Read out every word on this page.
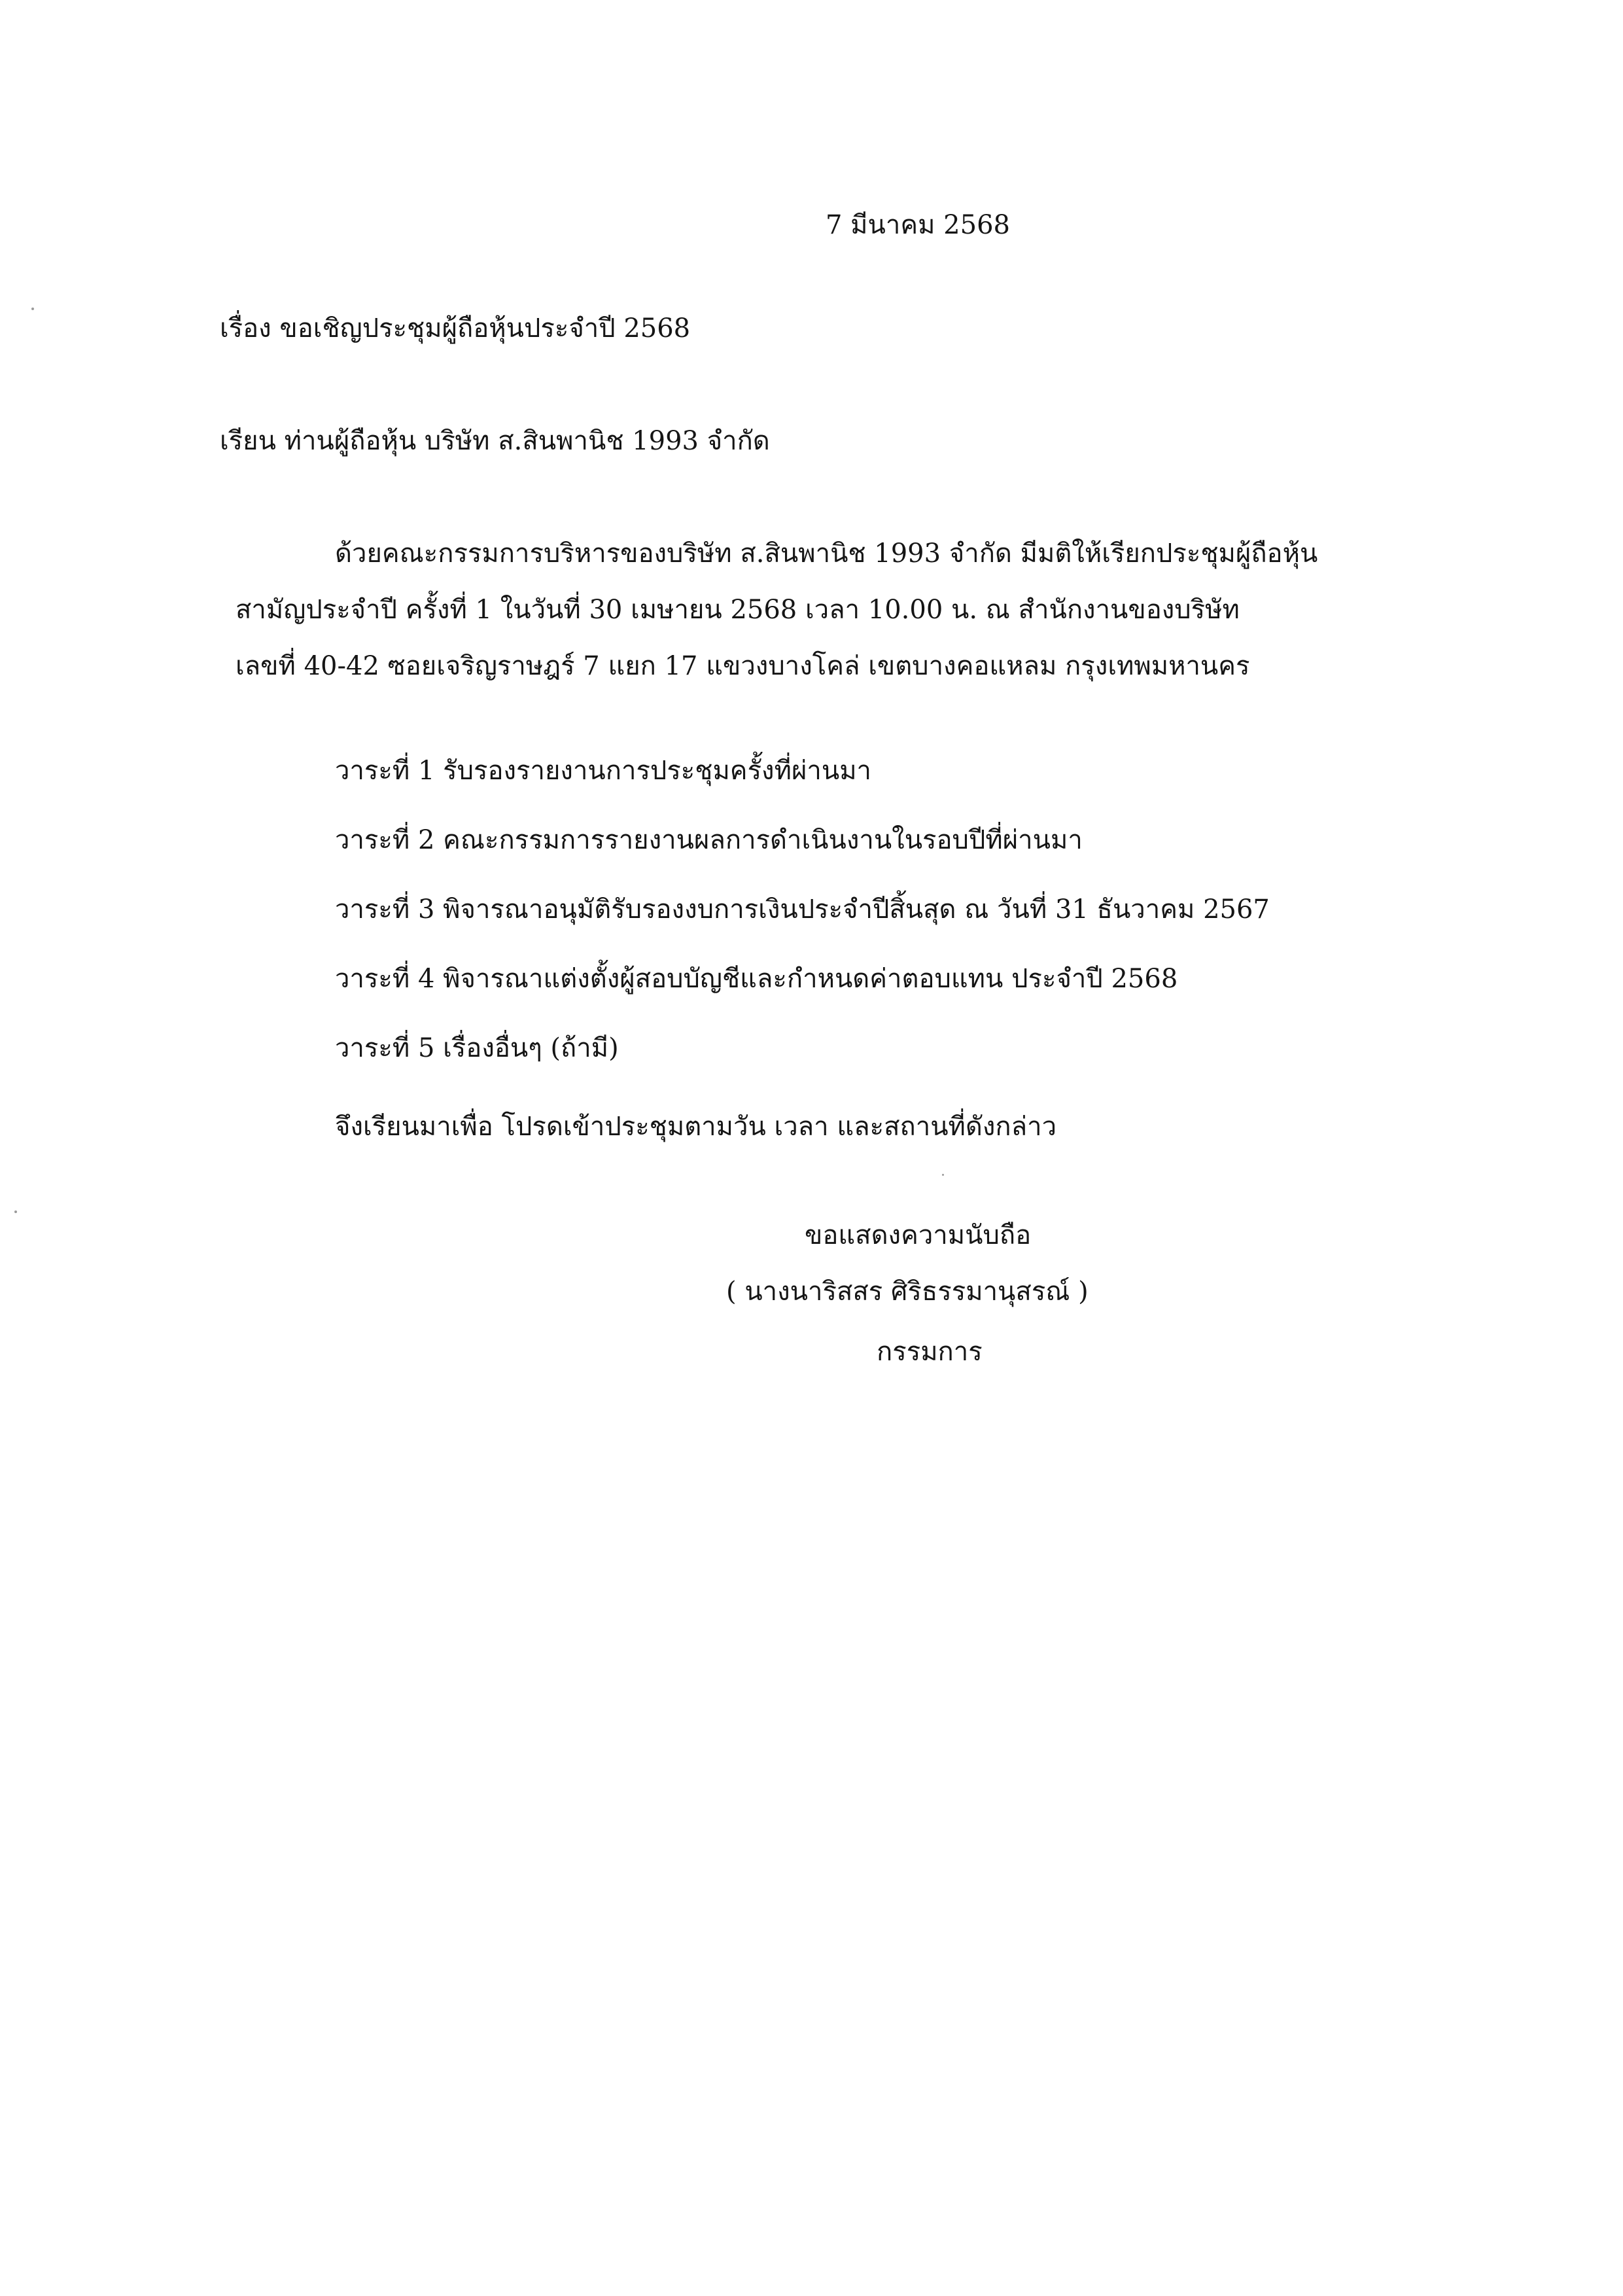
7 มีนาคม 2568
เรื่อง ขอเชิญประชุมผู้ถือหุ้นประจำปี 2568
เรียน ท่านผู้ถือหุ้น บริษัท ส.สินพานิช 1993 จำกัด
ด้วยคณะกรรมการบริหารของบริษัท ส.สินพานิช 1993 จำกัด มีมติให้เรียกประชุมผู้ถือหุ้น
สามัญประจำปี ครั้งที่ 1 ในวันที่ 30 เมษายน 2568 เวลา 10.00 น. ณ สำนักงานของบริษัท
เลขที่ 40-42 ซอยเจริญราษฎร์ 7 แยก 17 แขวงบางโคล่ เขตบางคอแหลม กรุงเทพมหานคร
วาระที่ 1 รับรองรายงานการประชุมครั้งที่ผ่านมา
วาระที่ 2 คณะกรรมการรายงานผลการดำเนินงานในรอบปีที่ผ่านมา
วาระที่ 3 พิจารณาอนุมัติรับรองงบการเงินประจำปีสิ้นสุด ณ วันที่ 31 ธันวาคม 2567
วาระที่ 4 พิจารณาแต่งตั้งผู้สอบบัญชีและกำหนดค่าตอบแทน ประจำปี 2568
วาระที่ 5 เรื่องอื่นๆ (ถ้ามี)
จึงเรียนมาเพื่อ โปรดเข้าประชุมตามวัน เวลา และสถานที่ดังกล่าว
ขอแสดงความนับถือ
( นางนาริสสร ศิริธรรมานุสรณ์ )
กรรมการ
